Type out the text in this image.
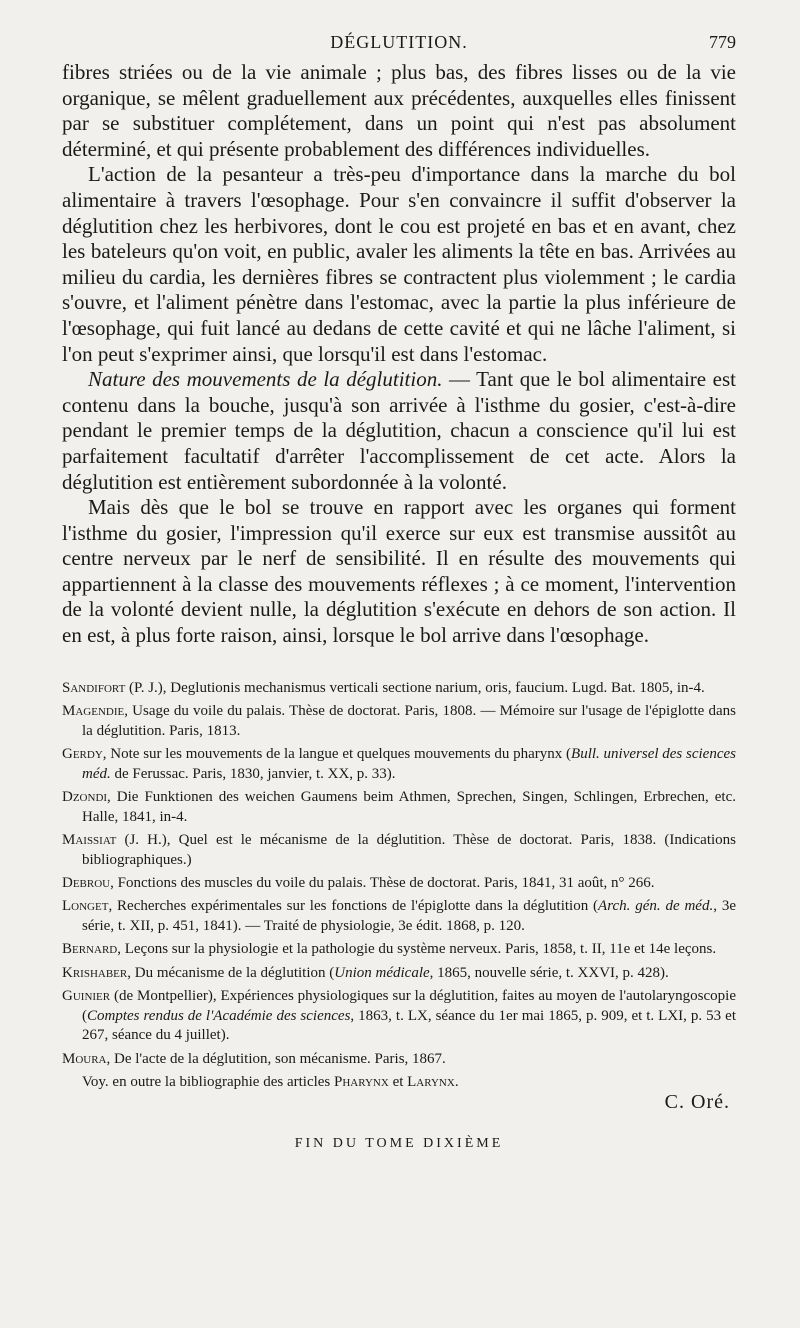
DÉGLUTITION.	779

fibres striées ou de la vie animale ; plus bas, des fibres lisses ou de la vie organique, se mêlent graduellement aux précédentes, auxquelles elles finissent par se substituer complétement, dans un point qui n'est pas absolument déterminé, et qui présente probablement des différences individuelles.

L'action de la pesanteur a très-peu d'importance dans la marche du bol alimentaire à travers l'œsophage. Pour s'en convaincre il suffit d'observer la déglutition chez les herbivores, dont le cou est projeté en bas et en avant, chez les bateleurs qu'on voit, en public, avaler les aliments la tête en bas. Arrivées au milieu du cardia, les dernières fibres se contractent plus violemment ; le cardia s'ouvre, et l'aliment pénètre dans l'estomac, avec la partie la plus inférieure de l'œsophage, qui fuit lancé au dedans de cette cavité et qui ne lâche l'aliment, si l'on peut s'exprimer ainsi, que lorsqu'il est dans l'estomac.

Nature des mouvements de la déglutition. — Tant que le bol alimentaire est contenu dans la bouche, jusqu'à son arrivée à l'isthme du gosier, c'est-à-dire pendant le premier temps de la déglutition, chacun a conscience qu'il lui est parfaitement facultatif d'arrêter l'accomplissement de cet acte. Alors la déglutition est entièrement subordonnée à la volonté.

Mais dès que le bol se trouve en rapport avec les organes qui forment l'isthme du gosier, l'impression qu'il exerce sur eux est transmise aussitôt au centre nerveux par le nerf de sensibilité. Il en résulte des mouvements qui appartiennent à la classe des mouvements réflexes ; à ce moment, l'intervention de la volonté devient nulle, la déglutition s'exécute en dehors de son action. Il en est, à plus forte raison, ainsi, lorsque le bol arrive dans l'œsophage.

Sandifort (P. J.), Deglutionis mechanismus verticali sectione narium, oris, faucium. Lugd. Bat. 1805, in-4.

Magendie, Usage du voile du palais. Thèse de doctorat. Paris, 1808. — Mémoire sur l'usage de l'épiglotte dans la déglutition. Paris, 1813.

Gerdy, Note sur les mouvements de la langue et quelques mouvements du pharynx (Bull. universel des sciences méd. de Ferussac. Paris, 1830, janvier, t. XX, p. 33).

Dzondi, Die Funktionen des weichen Gaumens beim Athmen, Sprechen, Singen, Schlingen, Erbrechen, etc. Halle, 1841, in-4.

Maissiat (J. H.), Quel est le mécanisme de la déglutition. Thèse de doctorat. Paris, 1838. (Indications bibliographiques.)

Debrou, Fonctions des muscles du voile du palais. Thèse de doctorat. Paris, 1841, 31 août, n° 266.

Longet, Recherches expérimentales sur les fonctions de l'épiglotte dans la déglutition (Arch. gén. de méd., 3e série, t. XII, p. 451, 1841). — Traité de physiologie, 3e édit. 1868, p. 120.

Bernard, Leçons sur la physiologie et la pathologie du système nerveux. Paris, 1858, t. II, 11e et 14e leçons.

Krishaber, Du mécanisme de la déglutition (Union médicale, 1865, nouvelle série, t. XXVI, p. 428).

Guinier (de Montpellier), Expériences physiologiques sur la déglutition, faites au moyen de l'autolaryngoscopie (Comptes rendus de l'Académie des sciences, 1863, t. LX, séance du 1er mai 1865, p. 909, et t. LXI, p. 53 et 267, séance du 4 juillet).

Moura, De l'acte de la déglutition, son mécanisme. Paris, 1867.

Voy. en outre la bibliographie des articles Pharynx et Larynx.

C. Oré.
FIN DU TOME DIXIÈME
